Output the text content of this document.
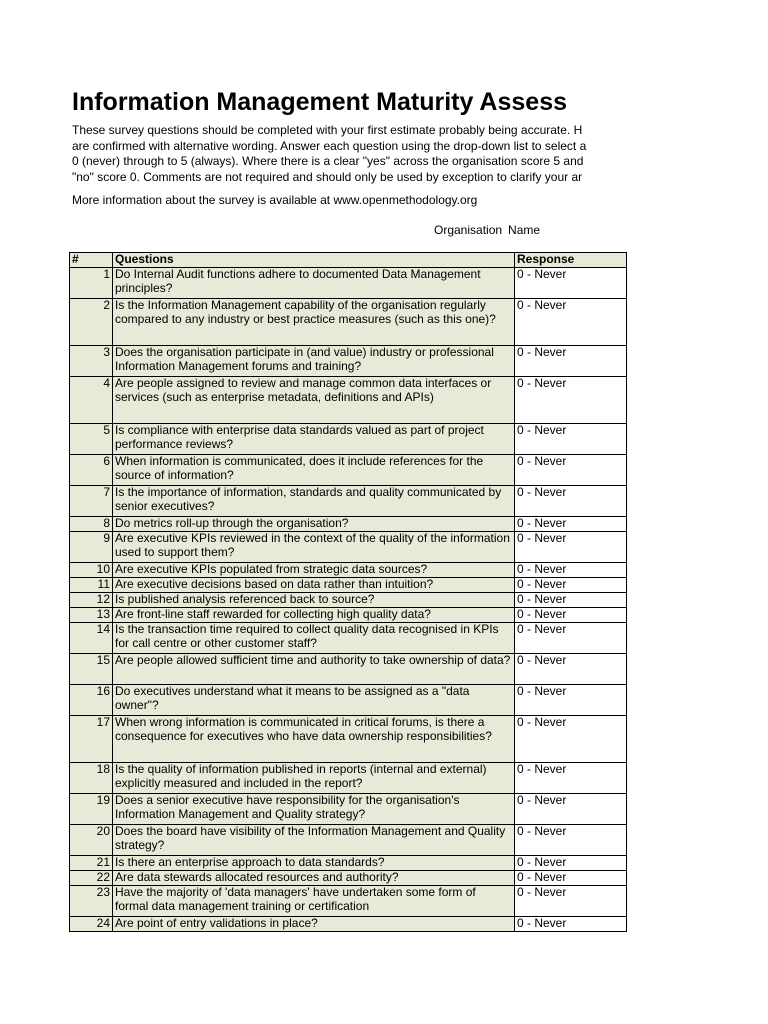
Information Management Maturity Assess
These survey questions should be completed with your first estimate probably being accurate. H
are confirmed with alternative wording. Answer each question using the drop-down list to select a
0 (never) through to 5 (always). Where there is a clear "yes" across the organisation score 5 and
"no" score 0. Comments are not required and should only be used by exception to clarify your ar
More information about the survey is available at www.openmethodology.org
Organisation Name
#	Questions	Response
1	Do Internal Audit functions adhere to documented Data Management principles?	0 - Never
2	Is the Information Management capability of the organisation regularly compared to any industry or best practice measures (such as this one)?	0 - Never
3	Does the organisation participate in (and value) industry or professional Information Management forums and training?	0 - Never
4	Are people assigned to review and manage common data interfaces or services (such as enterprise metadata, definitions and APIs)	0 - Never
5	Is compliance with enterprise data standards valued as part of project performance reviews?	0 - Never
6	When information is communicated, does it include references for the source of information?	0 - Never
7	Is the importance of information, standards and quality communicated by senior executives?	0 - Never
8	Do metrics roll-up through the organisation?	0 - Never
9	Are executive KPIs reviewed in the context of the quality of the information used to support them?	0 - Never
10	Are executive KPIs populated from strategic data sources?	0 - Never
11	Are executive decisions based on data rather than intuition?	0 - Never
12	Is published analysis referenced back to source?	0 - Never
13	Are front-line staff rewarded for collecting high quality data?	0 - Never
14	Is the transaction time required to collect quality data recognised in KPIs for call centre or other customer staff?	0 - Never
15	Are people allowed sufficient time and authority to take ownership of data?	0 - Never
16	Do executives understand what it means to be assigned as a "data owner"?	0 - Never
17	When wrong information is communicated in critical forums, is there a consequence for executives who have data ownership responsibilities?	0 - Never
18	Is the quality of information published in reports (internal and external) explicitly measured and included in the report?	0 - Never
19	Does a senior executive have responsibility for the organisation's Information Management and Quality strategy?	0 - Never
20	Does the board have visibility of the Information Management and Quality strategy?	0 - Never
21	Is there an enterprise approach to data standards?	0 - Never
22	Are data stewards allocated resources and authority?	0 - Never
23	Have the majority of 'data managers' have undertaken some form of formal data management training or certification	0 - Never
24	Are point of entry validations in place?	0 - Never
